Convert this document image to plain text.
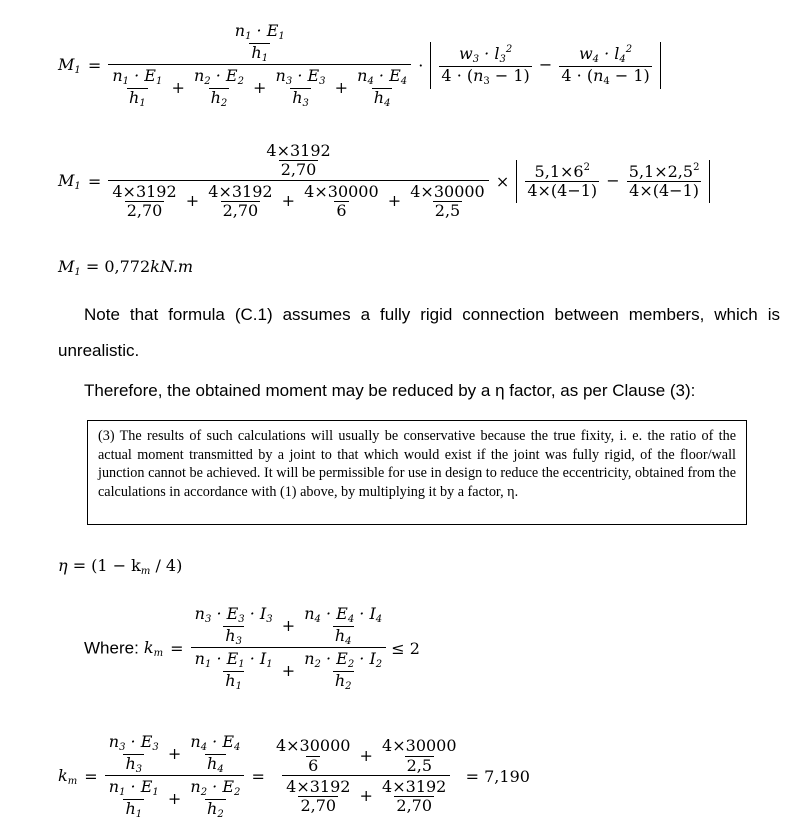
$M_1$ =
$\frac{n_1 \cdot E_1}{h_1}$
$\frac{n_1 \cdot E_1}{h_1} + \frac{n_2 \cdot E_2}{h_2} + \frac{n_3 \cdot E_3}{h_3} + \frac{n_4 \cdot E_4}{h_4}$
· $\frac{w_3 \cdot l_3^2}{4 \cdot (n_3 - 1)} - \frac{w_4 \cdot l_4^2}{4 \cdot (n_4 - 1)}$
$M_1$ =
$\frac{4\times 3192}{2,70}$
$\frac{4\times 3192}{2,70} + \frac{4\times 3192}{2,70} + \frac{4\times 30000}{6} + \frac{4\times 30000}{2,5}$
× $\frac{5,1\times 6^2}{4\times(4-1)} - \frac{5,1\times 2,5^2}{4\times(4-1)}$
$M_1 = 0,772kN.m$
Note that formula (C.1) assumes a fully rigid connection between members, which is unrealistic.
Therefore, the obtained moment may be reduced by a η factor, as per Clause (3):
(3) The results of such calculations will usually be conservative because the true fixity, i. e. the ratio of the actual moment transmitted by a joint to that which would exist if the joint was fully rigid, of the floor/wall junction cannot be achieved. It will be permissible for use in design to reduce the eccentricity, obtained from the calculations in accordance with (1) above, by multiplying it by a factor, η.
$\eta = (1 - k_m / 4)$
Where: $k_m = \frac{\frac{n_3 \cdot E_3 \cdot I_3}{h_3} + \frac{n_4 \cdot E_4 \cdot I_4}{h_4}}{\frac{n_1 \cdot E_1 \cdot I_1}{h_1} + \frac{n_2 \cdot E_2 \cdot I_2}{h_2}} \le 2$
$k_m = \frac{\frac{n_3 \cdot E_3}{h_3} + \frac{n_4 \cdot E_4}{h_4}}{\frac{n_1 \cdot E_1}{h_1} + \frac{n_2 \cdot E_2}{h_2}} = \frac{\frac{4\times 30000}{6} + \frac{4\times 30000}{2,5}}{\frac{4\times 3192}{2,70} + \frac{4\times 3192}{2,70}} = 7,190$
